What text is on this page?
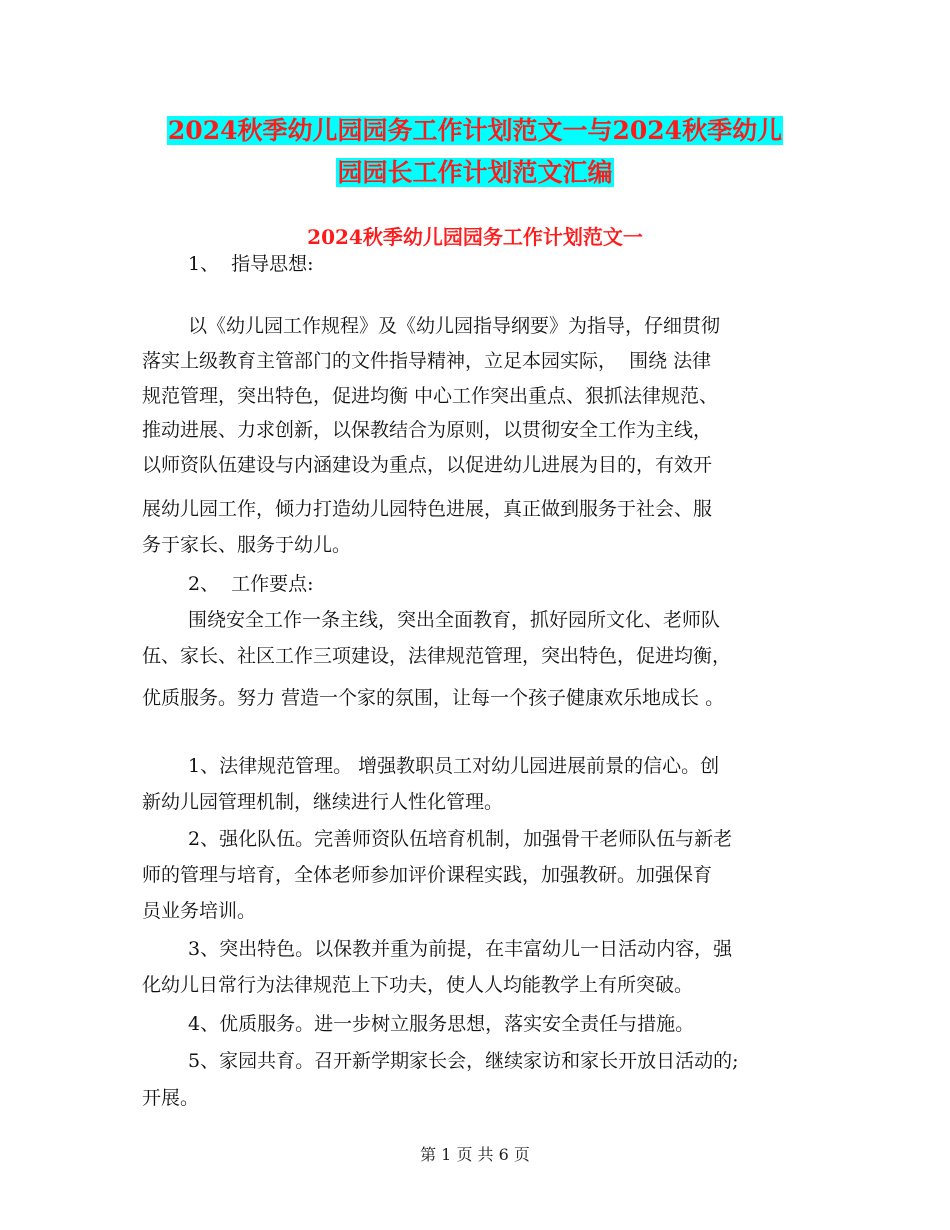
2024秋季幼儿园园务工作计划范文一与2024秋季幼儿
园园长工作计划范文汇编
2024秋季幼儿园园务工作计划范文一
1、  指导思想:
以《幼儿园工作规程》及《幼儿园指导纲要》为指导，仔细贯彻
落实上级教育主管部门的文件指导精神，立足本园实际，  围绕 法律
规范管理，突出特色，促进均衡 中心工作突出重点、狠抓法律规范、
推动进展、力求创新，以保教结合为原则，以贯彻安全工作为主线，
以师资队伍建设与内涵建设为重点，以促进幼儿进展为目的，有效开
展幼儿园工作，倾力打造幼儿园特色进展，真正做到服务于社会、服
务于家长、服务于幼儿。
2、  工作要点:
围绕安全工作一条主线，突出全面教育，抓好园所文化、老师队
伍、家长、社区工作三项建设，法律规范管理，突出特色，促进均衡，
优质服务。努力 营造一个家的氛围，让每一个孩子健康欢乐地成长 。
1、法律规范管理。 增强教职员工对幼儿园进展前景的信心。创
新幼儿园管理机制，继续进行人性化管理。
2、强化队伍。完善师资队伍培育机制，加强骨干老师队伍与新老
师的管理与培育，全体老师参加评价课程实践，加强教研。加强保育
员业务培训。
3、突出特色。以保教并重为前提，在丰富幼儿一日活动内容，强
化幼儿日常行为法律规范上下功夫，使人人均能教学上有所突破。
4、优质服务。进一步树立服务思想，落实安全责任与措施。
5、家园共育。召开新学期家长会，继续家访和家长开放日活动的;
开展。
第 1 页 共 6 页
